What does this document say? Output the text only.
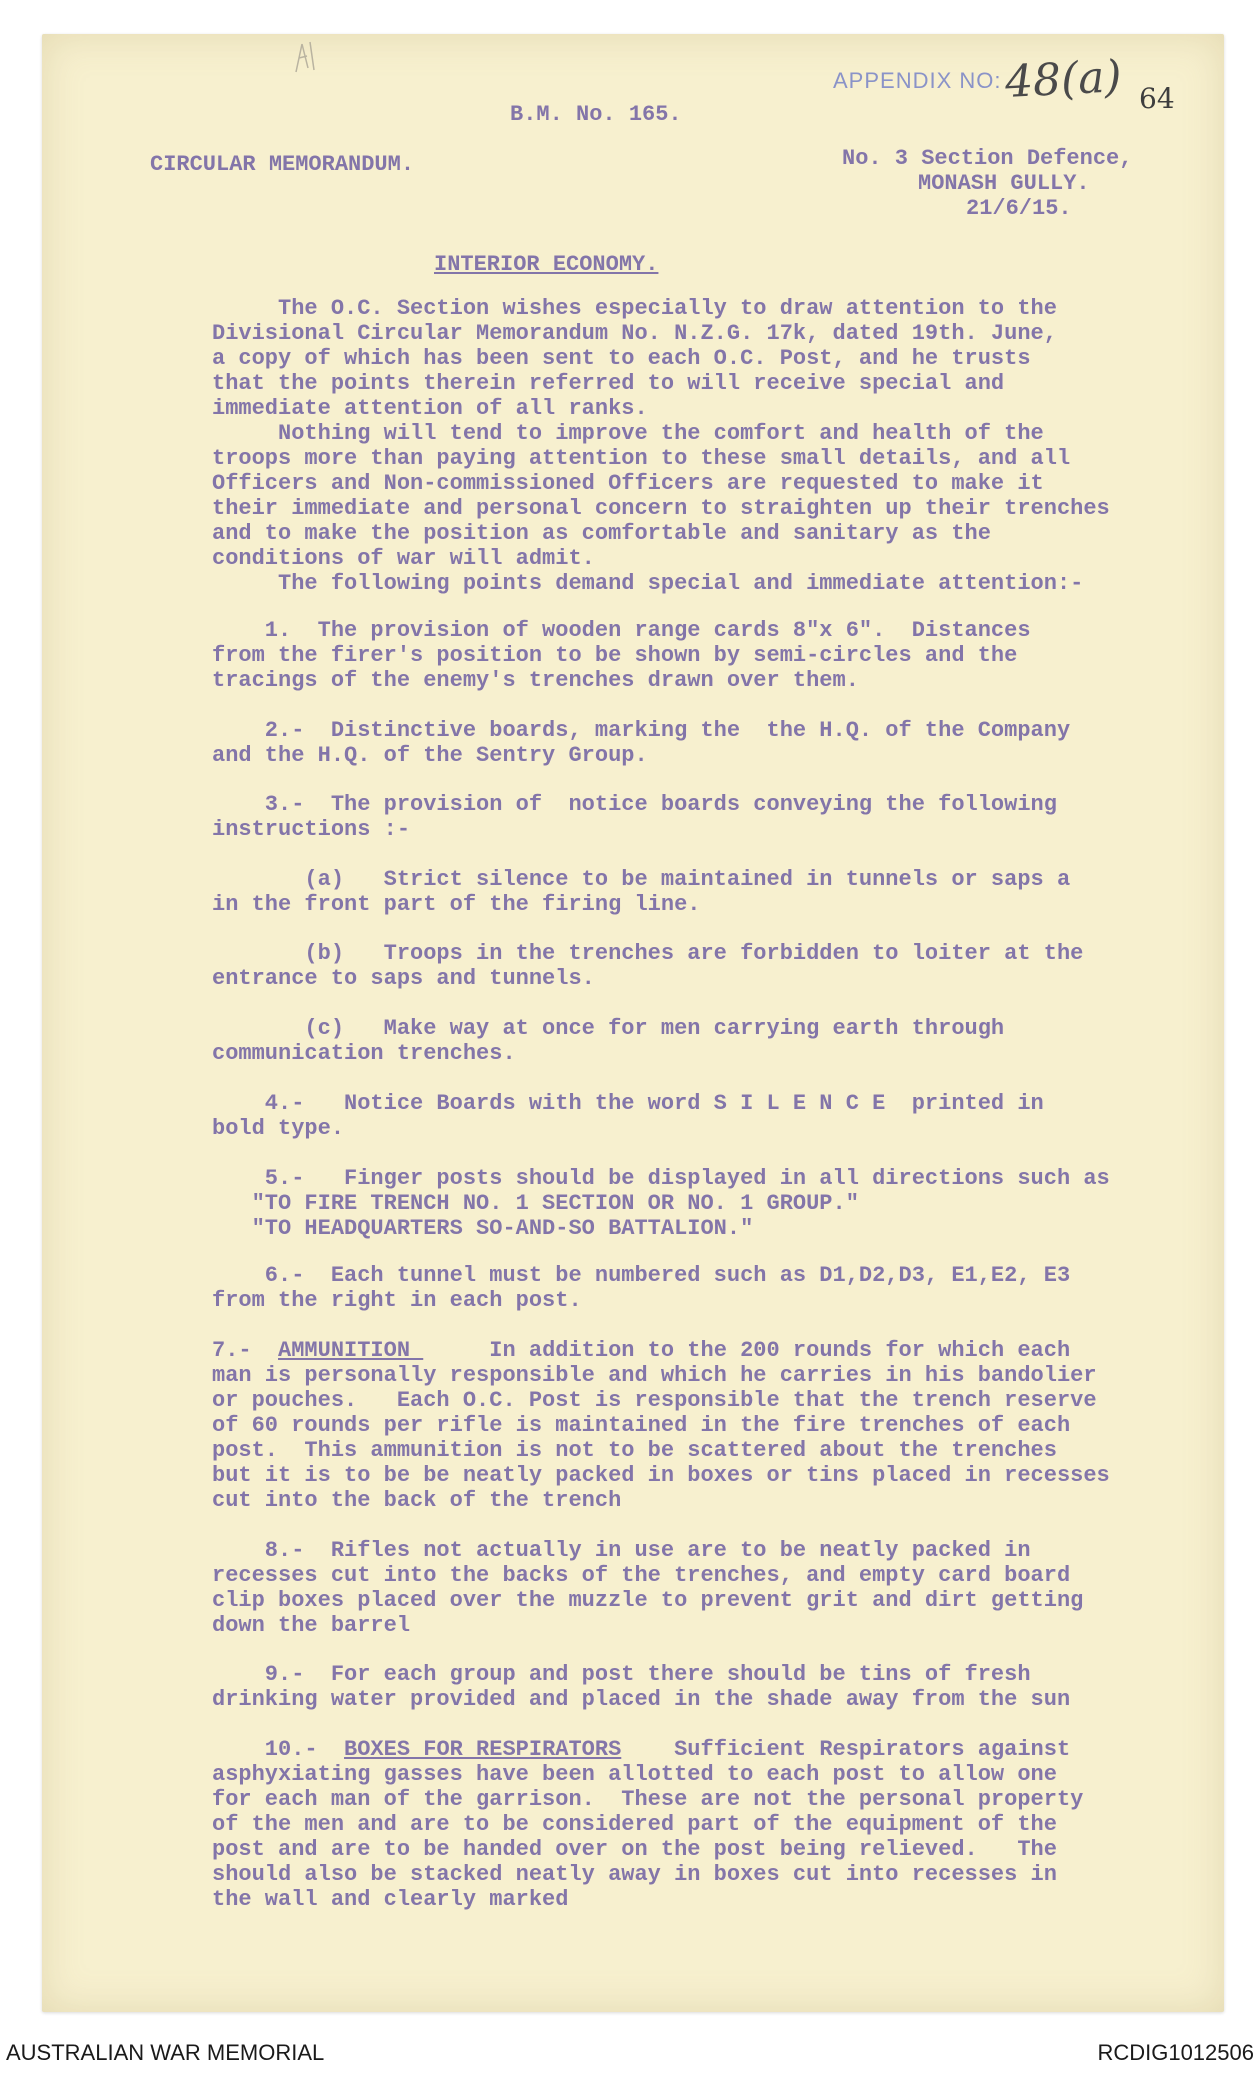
APPENDIX NO: 48(a) 64
B.M. No. 165.
CIRCULAR MEMORANDUM.	No. 3 Section Defence,
MONASH GULLY.
21/6/15.
INTERIOR ECONOMY.
The O.C. Section wishes especially to draw attention to the
Divisional Circular Memorandum No. N.Z.G. 17k, dated 19th. June,
a copy of which has been sent to each O.C. Post, and he trusts
that the points therein referred to will receive special and
immediate attention of all ranks.
Nothing will tend to improve the comfort and health of the
troops more than paying attention to these small details, and all
Officers and Non-commissioned Officers are requested to make it
their immediate and personal concern to straighten up their trenches
and to make the position as comfortable and sanitary as the
conditions of war will admit.
The following points demand special and immediate attention:-
1.  The provision of wooden range cards 8"x 6".  Distances
from the firer's position to be shown by semi-circles and the
tracings of the enemy's trenches drawn over them.
2.-  Distinctive boards, marking the  the H.Q. of the Company
and the H.Q. of the Sentry Group.
3.-  The provision of  notice boards conveying the following
instructions :-
(a)   Strict silence to be maintained in tunnels or saps a
in the front part of the firing line.
(b)   Troops in the trenches are forbidden to loiter at the
entrance to saps and tunnels.
(c)   Make way at once for men carrying earth through
communication trenches.
4.-   Notice Boards with the word S I L E N C E  printed in
bold type.
5.-   Finger posts should be displayed in all directions such as
"TO FIRE TRENCH NO. 1 SECTION OR NO. 1 GROUP."
"TO HEADQUARTERS SO-AND-SO BATTALION."
6.-  Each tunnel must be numbered such as D1,D2,D3, E1,E2, E3
from the right in each post.
7.-  AMMUNITION      In addition to the 200 rounds for which each
man is personally responsible and which he carries in his bandolier
or pouches.   Each O.C. Post is responsible that the trench reserve
of 60 rounds per rifle is maintained in the fire trenches of each
post.  This ammunition is not to be scattered about the trenches
but it is to be be neatly packed in boxes or tins placed in recesses
cut into the back of the trench
8.-  Rifles not actually in use are to be neatly packed in
recesses cut into the backs of the trenches, and empty card board
clip boxes placed over the muzzle to prevent grit and dirt getting
down the barrel
9.-  For each group and post there should be tins of fresh
drinking water provided and placed in the shade away from the sun
10.-  BOXES FOR RESPIRATORS    Sufficient Respirators against
asphyxiating gasses have been allotted to each post to allow one
for each man of the garrison.  These are not the personal property
of the men and are to be considered part of the equipment of the
post and are to be handed over on the post being relieved.   The
should also be stacked neatly away in boxes cut into recesses in
the wall and clearly marked
AUSTRALIAN WAR MEMORIAL	RCDIG1012506
